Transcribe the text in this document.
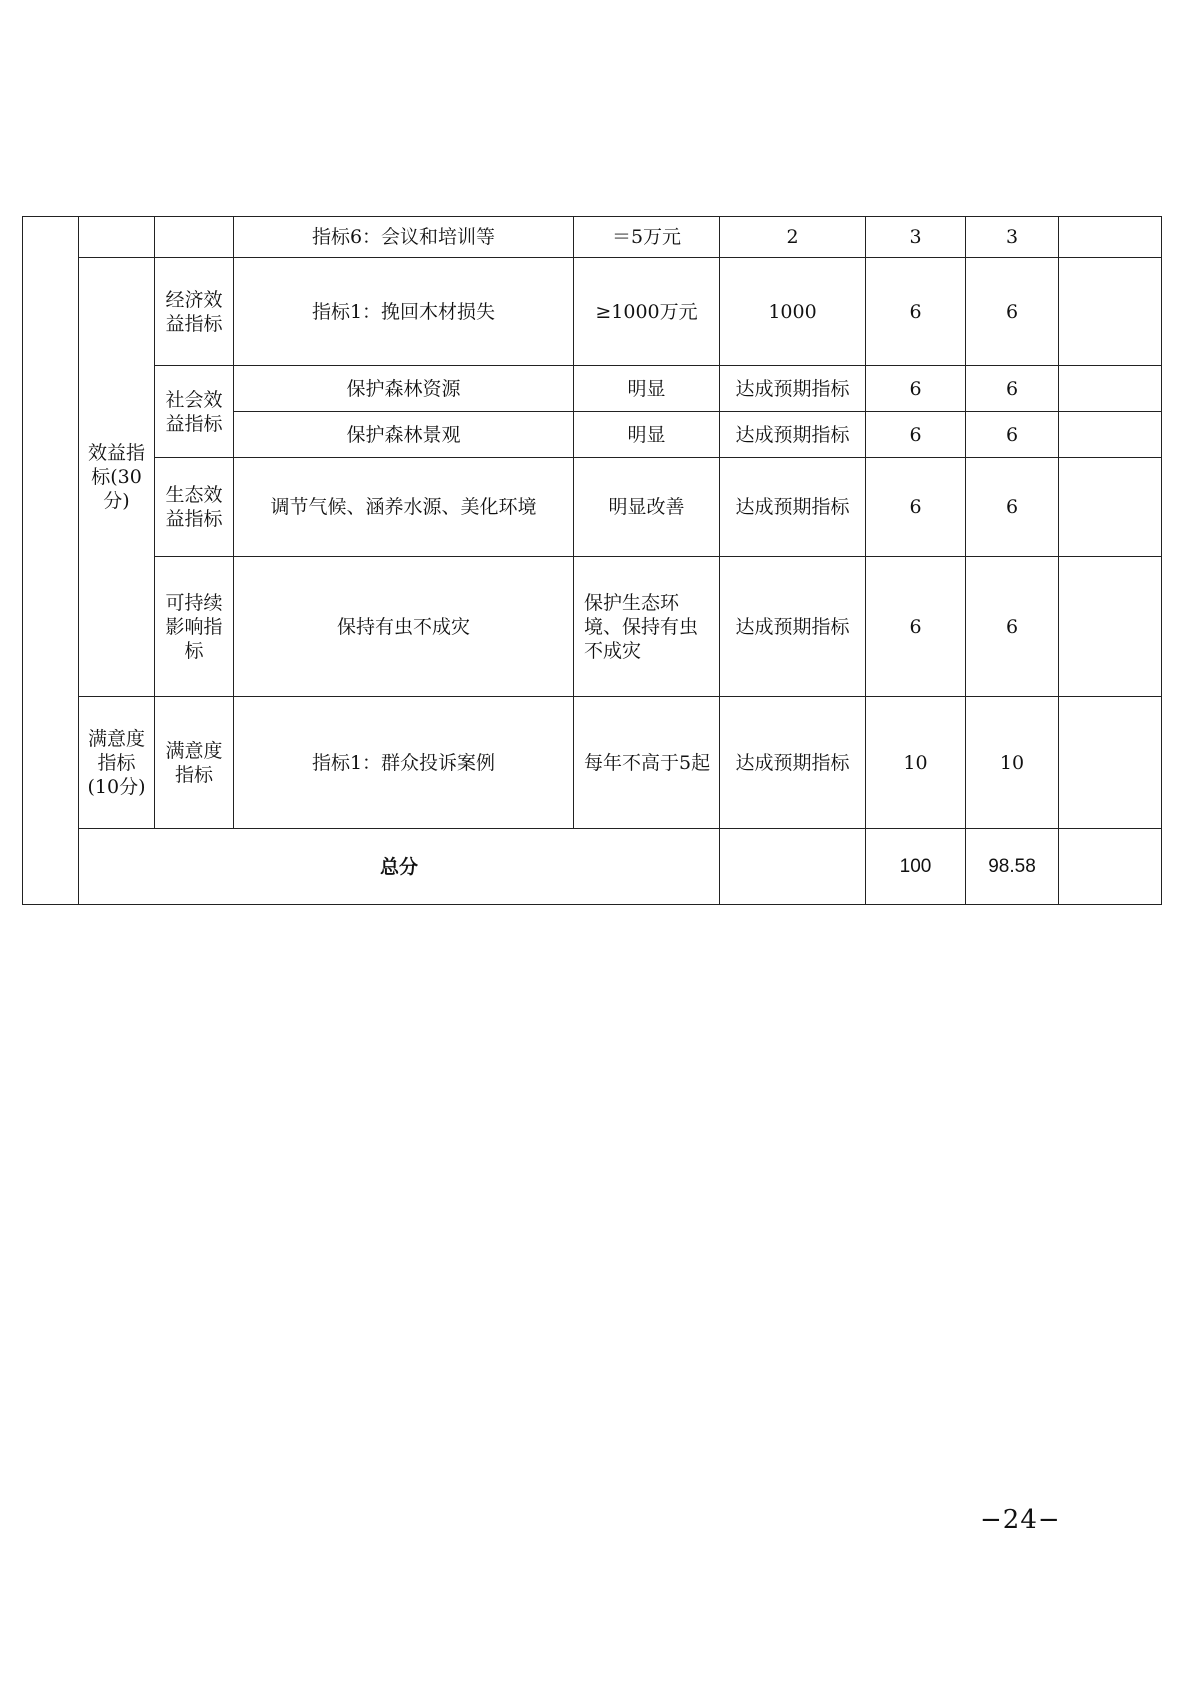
			指标6：会议和培训等	＝5万元	2	3	3	
	效益指标(30分)	经济效益指标	指标1：挽回木材损失	≥1000万元	1000	6	6	
		社会效益指标	保护森林资源	明显	达成预期指标	6	6	
			保护森林景观	明显	达成预期指标	6	6	
		生态效益指标	调节气候、涵养水源、美化环境	明显改善	达成预期指标	6	6	
		可持续影响指标	保持有虫不成灾	保护生态环境、保持有虫不成灾	达成预期指标	6	6	
	满意度指标(10分)	满意度指标	指标1：群众投诉案例	每年不高于5起	达成预期指标	10	10	
	总分					100	98.58	
−24−
